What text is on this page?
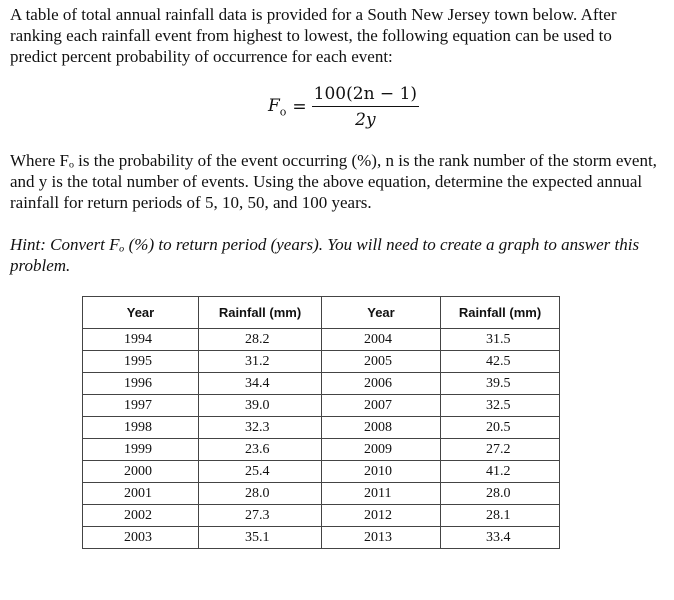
A table of total annual rainfall data is provided for a South New Jersey town below. After ranking each rainfall event from highest to lowest, the following equation can be used to predict percent probability of occurrence for each event:

$F_o = \frac{100(2n - 1)}{2y}$

Where Fₒ is the probability of the event occurring (%), n is the rank number of the storm event, and y is the total number of events. Using the above equation, determine the expected annual rainfall for return periods of 5, 10, 50, and 100 years.

Hint: Convert Fₒ (%) to return period (years). You will need to create a graph to answer this problem.

Year	Rainfall (mm)	Year	Rainfall (mm)
1994	28.2	2004	31.5
1995	31.2	2005	42.5
1996	34.4	2006	39.5
1997	39.0	2007	32.5
1998	32.3	2008	20.5
1999	23.6	2009	27.2
2000	25.4	2010	41.2
2001	28.0	2011	28.0
2002	27.3	2012	28.1
2003	35.1	2013	33.4
